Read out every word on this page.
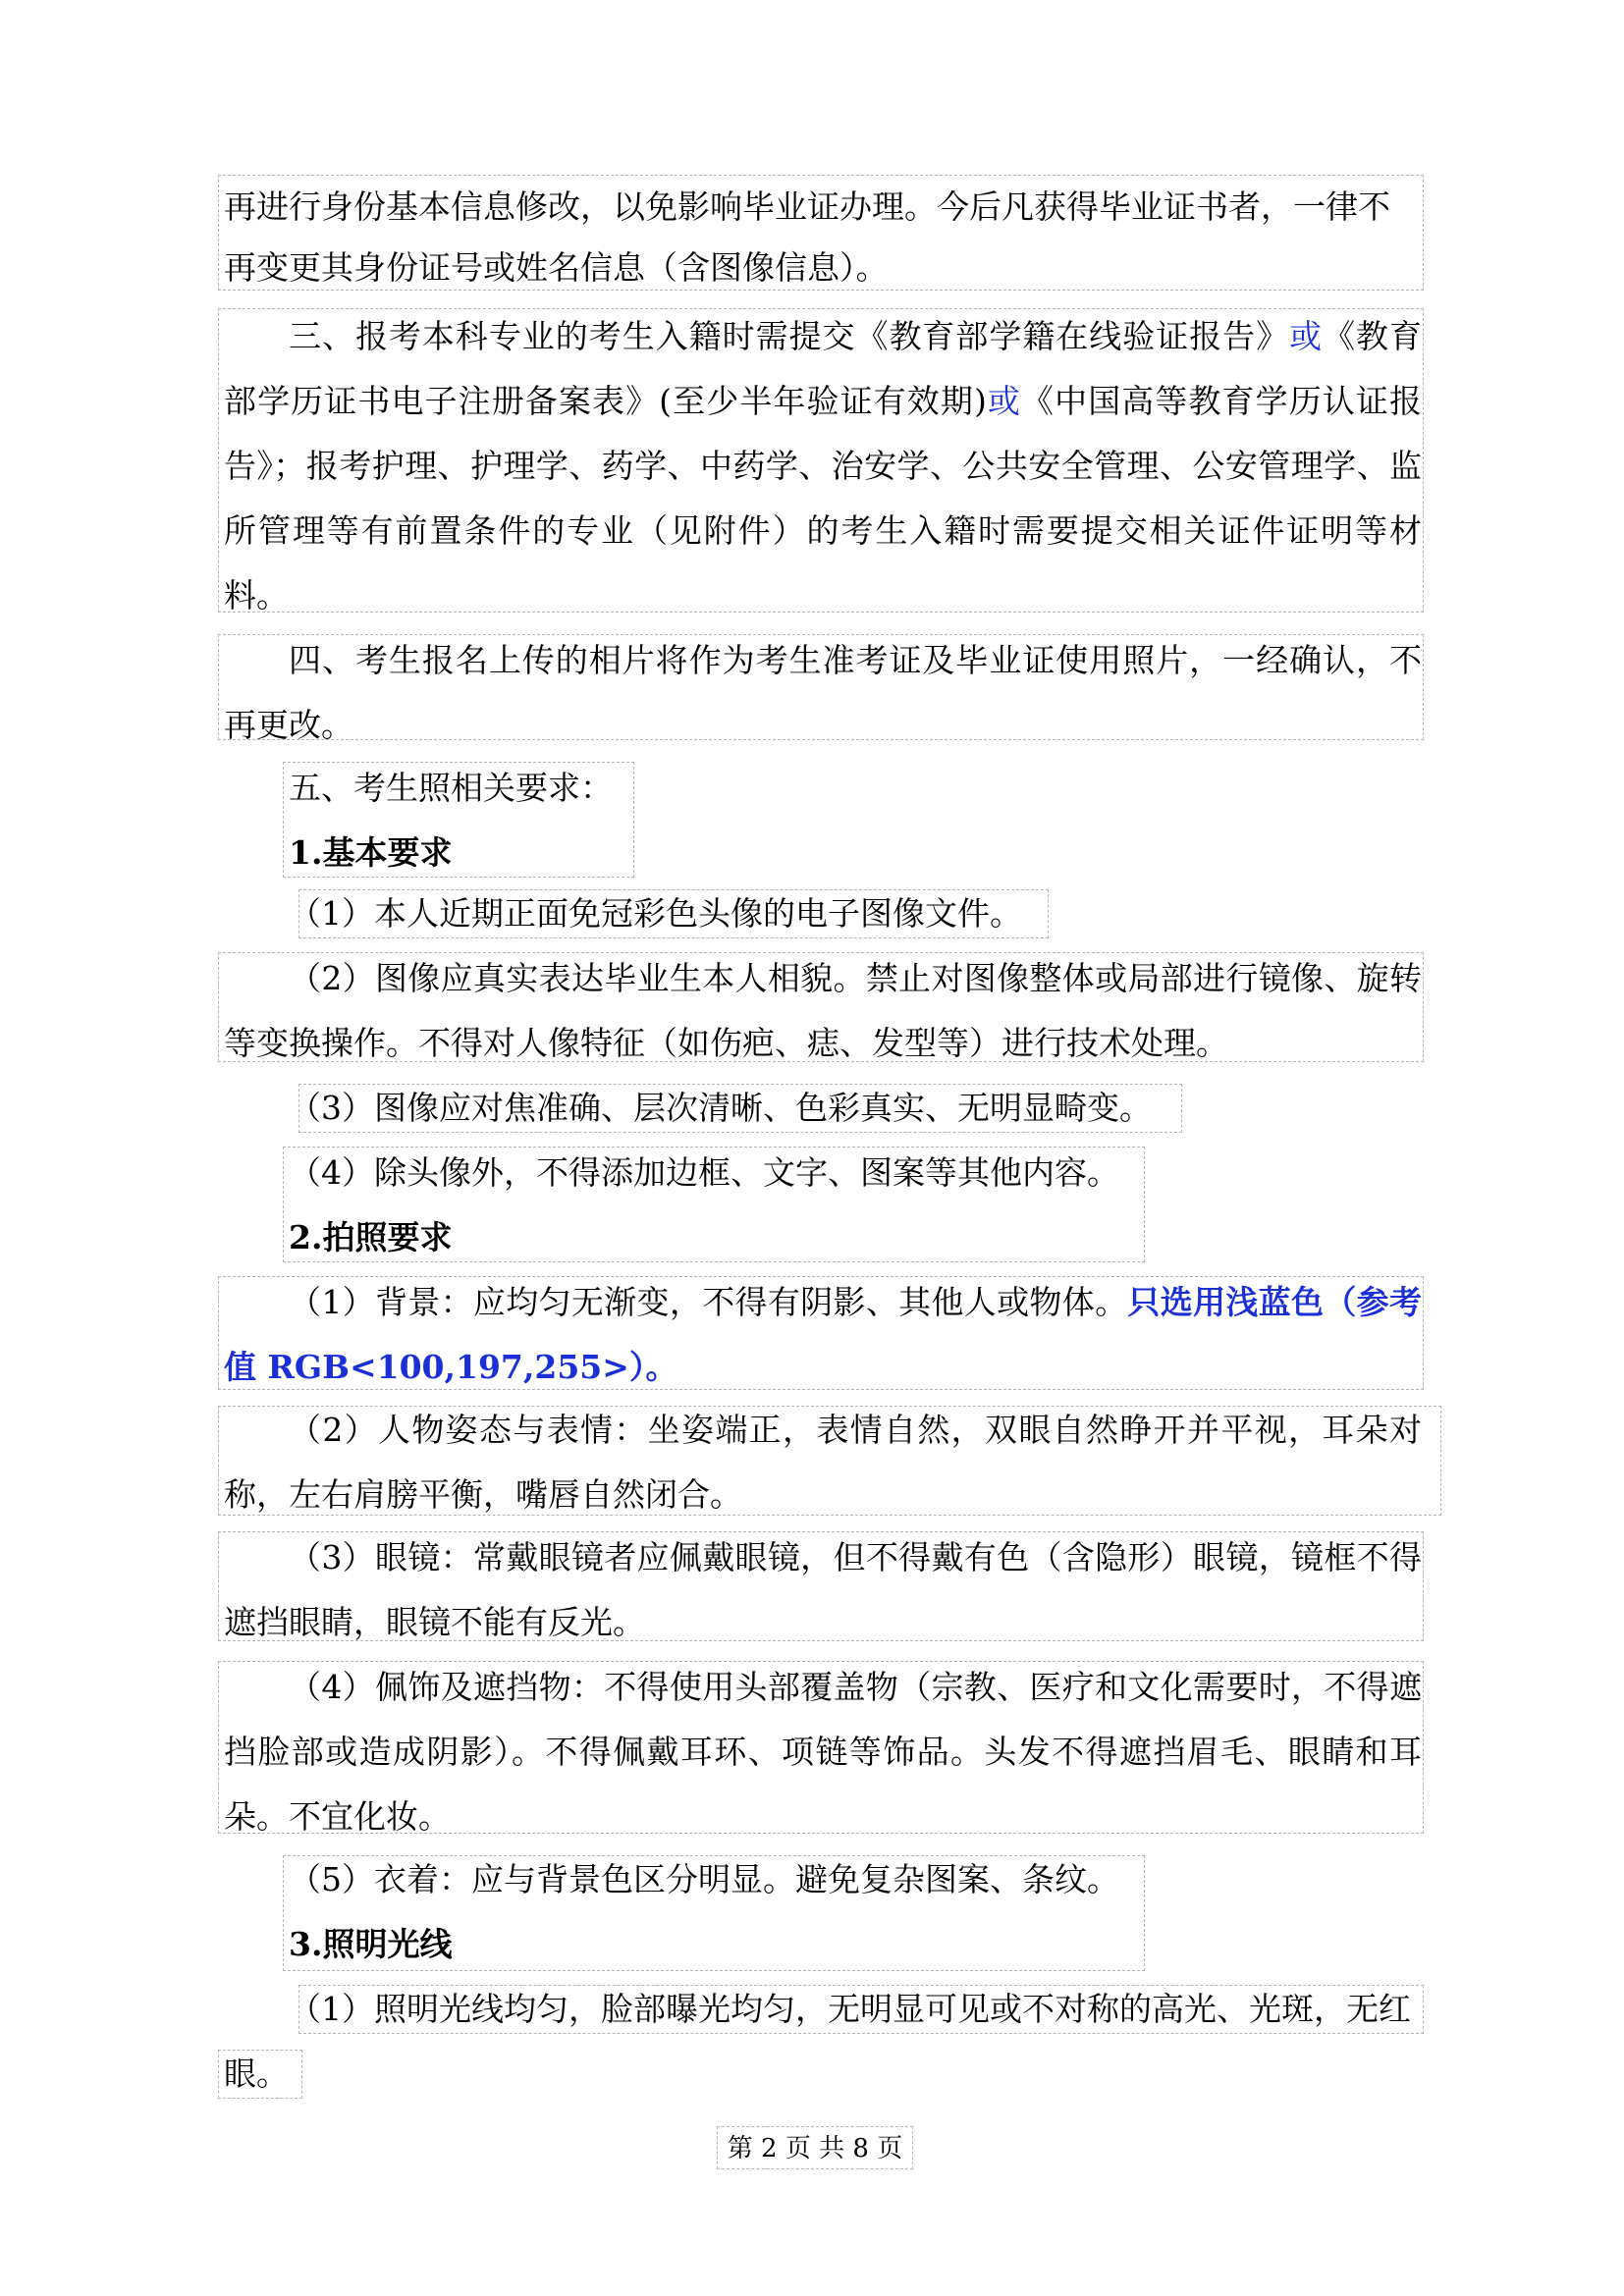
再进行身份基本信息修改，以免影响毕业证办理。今后凡获得毕业证书者，一律不

再变更其身份证号或姓名信息（含图像信息）。

三、报考本科专业的考生入籍时需提交《教育部学籍在线验证报告》或《教育部学历证书电子注册备案表》(至少半年验证有效期)或《中国高等教育学历认证报告》；报考护理、护理学、药学、中药学、治安学、公共安全管理、公安管理学、监所管理等有前置条件的专业（见附件）的考生入籍时需要提交相关证件证明等材料。

四、考生报名上传的相片将作为考生准考证及毕业证使用照片，一经确认，不再更改。

五、考生照相关要求：

1.基本要求

（1）本人近期正面免冠彩色头像的电子图像文件。

（2）图像应真实表达毕业生本人相貌。禁止对图像整体或局部进行镜像、旋转等变换操作。不得对人像特征（如伤疤、痣、发型等）进行技术处理。

（3）图像应对焦准确、层次清晰、色彩真实、无明显畸变。

（4）除头像外，不得添加边框、文字、图案等其他内容。

2.拍照要求

（1）背景：应均匀无渐变，不得有阴影、其他人或物体。只选用浅蓝色（参考值 RGB<100,197,255>）。

（2）人物姿态与表情：坐姿端正，表情自然，双眼自然睁开并平视，耳朵对称，左右肩膀平衡，嘴唇自然闭合。

（3）眼镜：常戴眼镜者应佩戴眼镜，但不得戴有色（含隐形）眼镜，镜框不得遮挡眼睛，眼镜不能有反光。

（4）佩饰及遮挡物：不得使用头部覆盖物（宗教、医疗和文化需要时，不得遮挡脸部或造成阴影）。不得佩戴耳环、项链等饰品。头发不得遮挡眉毛、眼睛和耳朵。不宜化妆。

（5）衣着：应与背景色区分明显。避免复杂图案、条纹。

3.照明光线

（1）照明光线均匀，脸部曝光均匀，无明显可见或不对称的高光、光斑，无红

眼。

第 2 页 共 8 页
